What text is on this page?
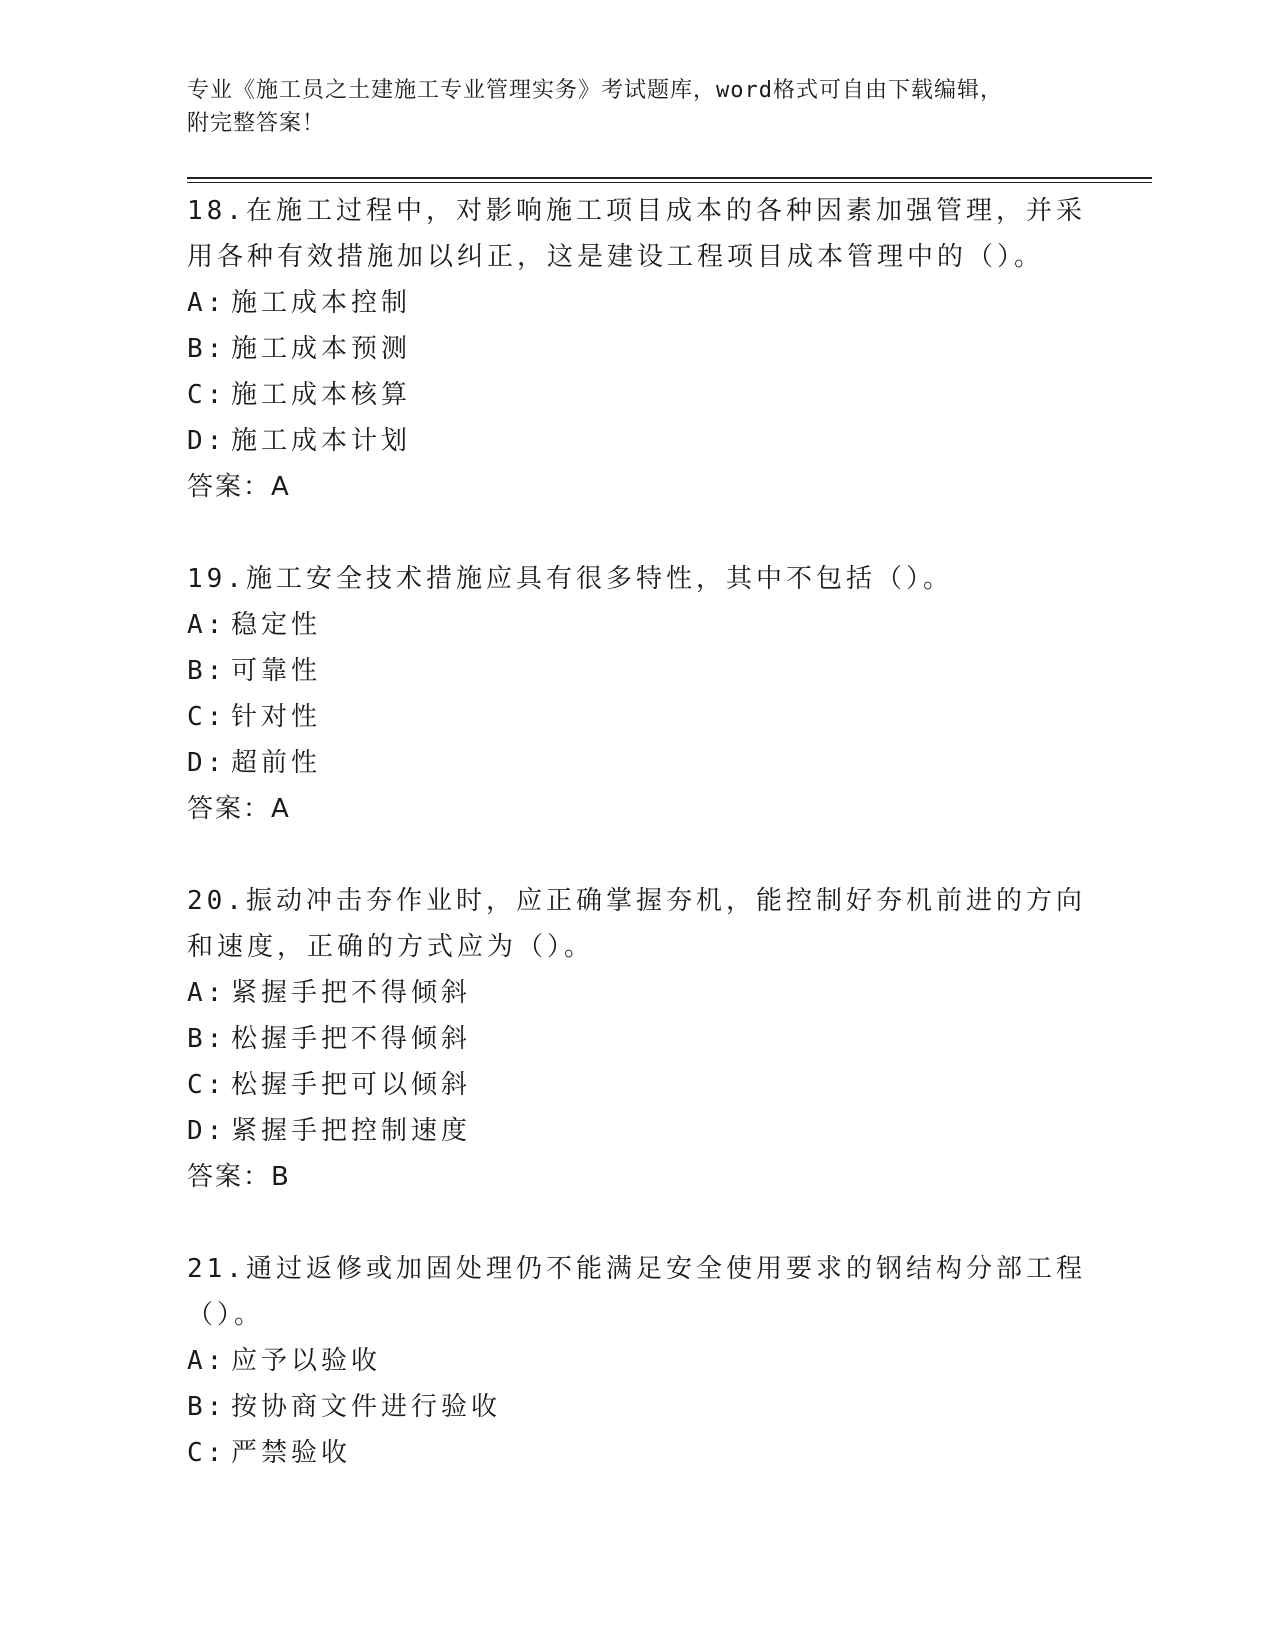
专业《施工员之土建施工专业管理实务》考试题库，word格式可自由下载编辑，
附完整答案！

18.在施工过程中，对影响施工项目成本的各种因素加强管理，并采用各种有效措施加以纠正，这是建设工程项目成本管理中的（）。

A: 施工成本控制

B: 施工成本预测

C: 施工成本核算

D: 施工成本计划

答案：A

19.施工安全技术措施应具有很多特性，其中不包括（）。

A: 稳定性

B: 可靠性

C: 针对性

D: 超前性

答案：A

20.振动冲击夯作业时，应正确掌握夯机，能控制好夯机前进的方向和速度，正确的方式应为（）。

A: 紧握手把不得倾斜

B: 松握手把不得倾斜

C: 松握手把可以倾斜

D: 紧握手把控制速度

答案：B

21.通过返修或加固处理仍不能满足安全使用要求的钢结构分部工程（）。

A: 应予以验收

B: 按协商文件进行验收

C: 严禁验收
